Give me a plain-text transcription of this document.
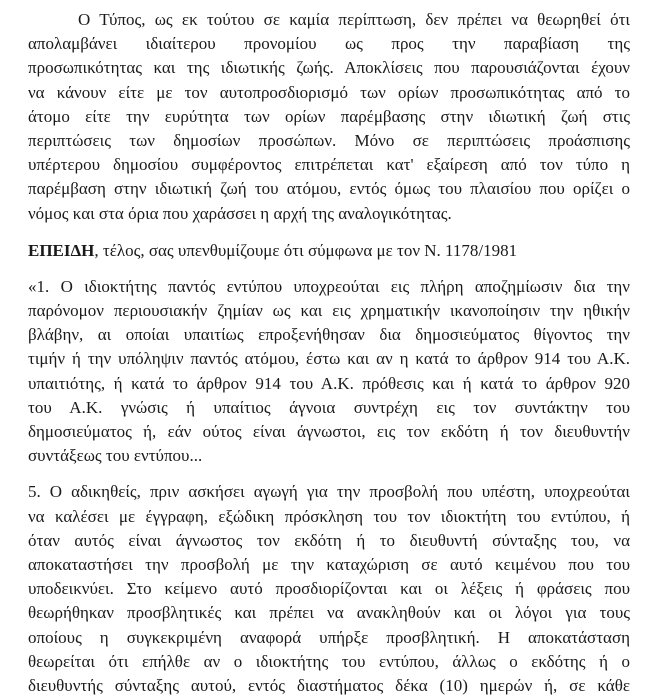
Ο Τύπος, ως εκ τούτου σε καμία περίπτωση, δεν πρέπει να θεωρηθεί ότι
απολαμβάνει ιδιαίτερου προνομίου ως προς την παραβίαση της
προσωπικότητας και της ιδιωτικής ζωής. Αποκλίσεις που παρουσιάζονται έχουν
να κάνουν είτε με τον αυτοπροσδιορισμό των ορίων προσωπικότητας από το
άτομο είτε την ευρύτητα των ορίων παρέμβασης στην ιδιωτική ζωή στις
περιπτώσεις των δημοσίων προσώπων. Μόνο σε περιπτώσεις προάσπισης
υπέρτερου δημοσίου συμφέροντος επιτρέπεται κατ' εξαίρεση από τον τύπο η
παρέμβαση στην ιδιωτική ζωή του ατόμου, εντός όμως του πλαισίου που ορίζει ο
νόμος και στα όρια που χαράσσει η αρχή της αναλογικότητας.

ΕΠΕΙΔΗ, τέλος, σας υπενθυμίζουμε ότι σύμφωνα με τον Ν. 1178/1981

«1. Ο ιδιοκτήτης παντός εντύπου υποχρεούται εις πλήρη αποζημίωσιν δια την
παρόνομον περιουσιακήν ζημίαν ως και εις χρηματικήν ικανοποίησιν την ηθικήν
βλάβην, αι οποίαι υπαιτίως επροξενήθησαν δια δημοσιεύματος θίγοντος την
τιμήν ή την υπόληψιν παντός ατόμου, έστω και αν η κατά το άρθρον 914 του Α.Κ.
υπαιτιότης, ή κατά το άρθρον 914 του Α.Κ. πρόθεσις και ή κατά το άρθρον 920
του Α.Κ. γνώσις ή υπαίτιος άγνοια συντρέχη εις τον συντάκτην του
δημοσιεύματος ή, εάν ούτος είναι άγνωστοι, εις τον εκδότη ή τον διευθυντήν
συντάξεως του εντύπου...
5. Ο αδικηθείς, πριν ασκήσει αγωγή για την προσβολή που υπέστη, υποχρεούται
να καλέσει με έγγραφη, εξώδικη πρόσκληση του τον ιδιοκτήτη του εντύπου, ή
όταν αυτός είναι άγνωστος τον εκδότη ή το διευθυντή σύνταξης του, να
αποκαταστήσει την προσβολή με την καταχώριση σε αυτό κειμένου που του
υποδεικνύει. Στο κείμενο αυτό προσδιορίζονται και οι λέξεις ή φράσεις που
θεωρήθηκαν προσβλητικές και πρέπει να ανακληθούν και οι λόγοι για τους
οποίους η συγκεκριμένη αναφορά υπήρξε προσβλητική. Η αποκατάσταση
θεωρείται ότι επήλθε αν ο ιδιοκτήτης του εντύπου, άλλως ο εκδότης ή ο
διευθυντής σύνταξης αυτού, εντός διαστήματος δέκα (10) ημερών ή, σε κάθε
